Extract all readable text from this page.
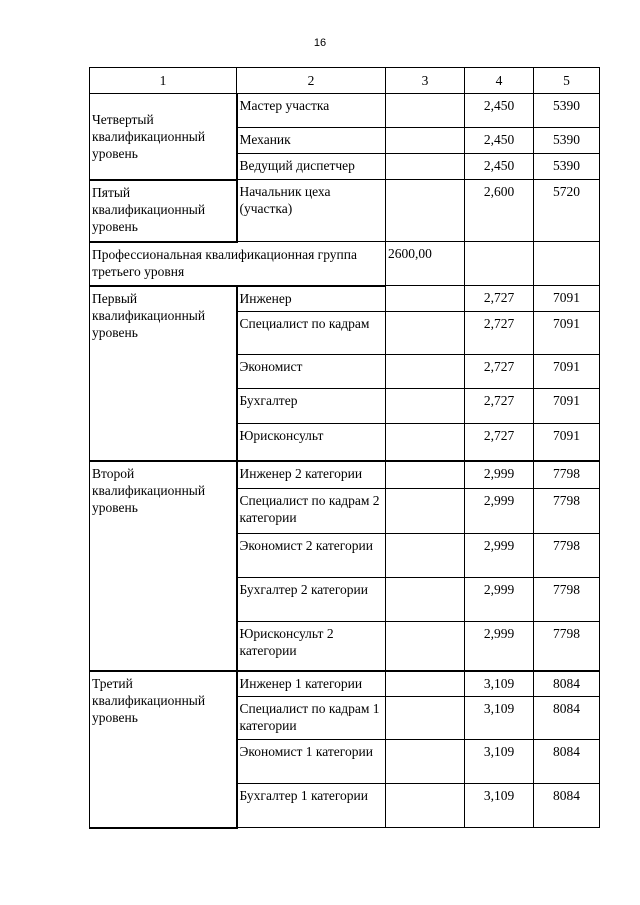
16
1	2	3	4	5

Четвертый квалификационный уровень	Мастер участка		2,450	5390
	Механик		2,450	5390
	Ведущий диспетчер		2,450	5390

Пятый квалификационный уровень	Начальник цеха (участка)		2,600	5720
Профессиональная квалификационная группа третьего уровня		2600,00		

Первый квалификационный уровень	Инженер		2,727	7091
	Специалист по кадрам		2,727	7091
	Экономист		2,727	7091
	Бухгалтер		2,727	7091
	Юрисконсульт		2,727	7091

Второй квалификационный уровень	Инженер 2 категории		2,999	7798
	Специалист по кадрам 2 категории		2,999	7798
	Экономист 2 категории		2,999	7798
	Бухгалтер 2 категории		2,999	7798
	Юрисконсульт 2 категории		2,999	7798

Третий квалификационный уровень	Инженер 1 категории		3,109	8084
	Специалист по кадрам 1 категории		3,109	8084
	Экономист 1 категории		3,109	8084
	Бухгалтер 1 категории		3,109	8084
